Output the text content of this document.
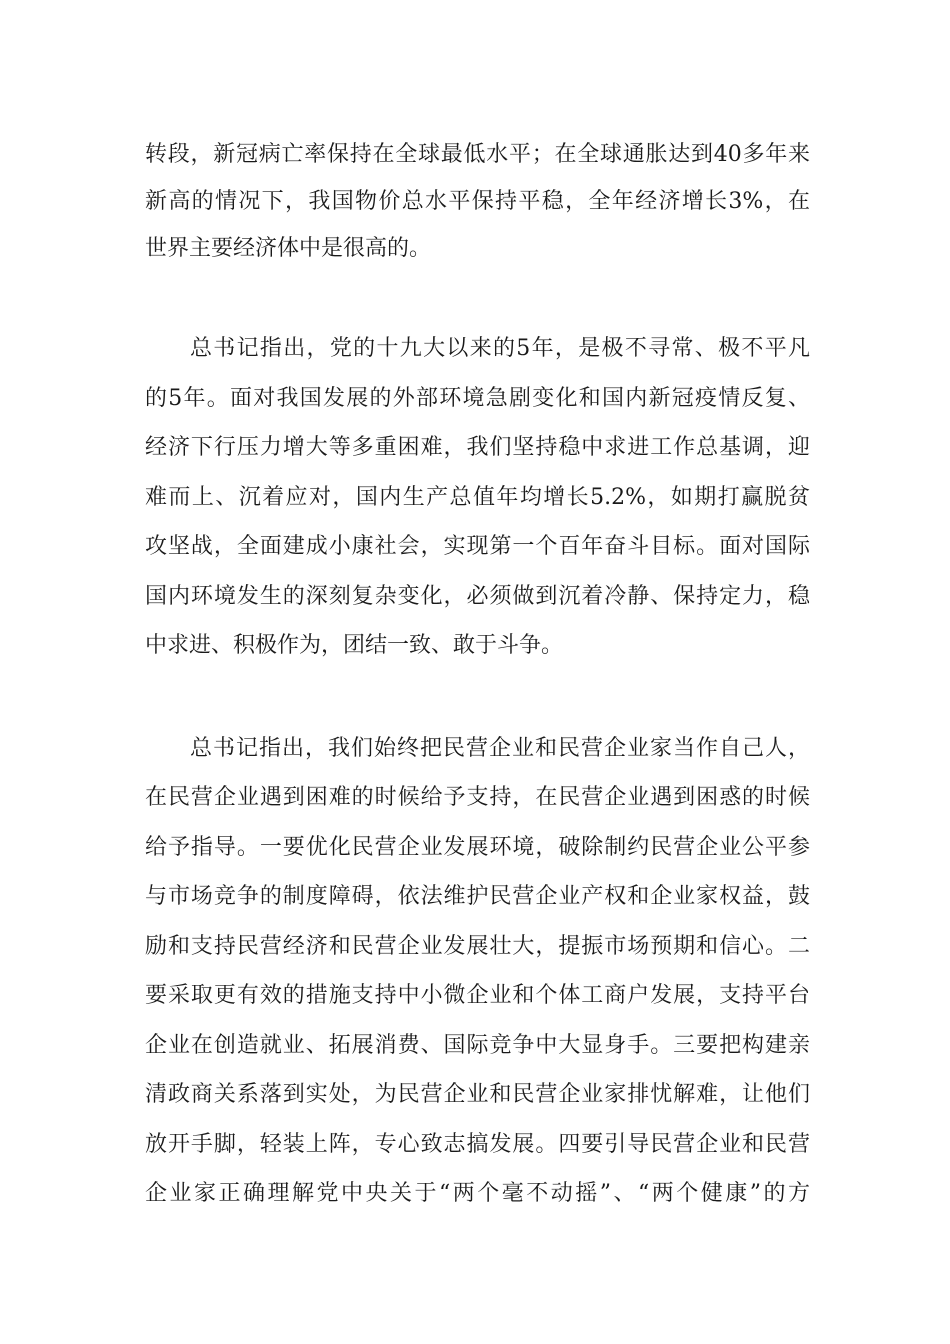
转段，新冠病亡率保持在全球最低水平；在全球通胀达到40多年来
新高的情况下，我国物价总水平保持平稳，全年经济增长3%，在
世界主要经济体中是很高的。
总书记指出，党的十九大以来的5年，是极不寻常、极不平凡
的5年。面对我国发展的外部环境急剧变化和国内新冠疫情反复、
经济下行压力增大等多重困难，我们坚持稳中求进工作总基调，迎
难而上、沉着应对，国内生产总值年均增长5.2%，如期打赢脱贫
攻坚战，全面建成小康社会，实现第一个百年奋斗目标。面对国际
国内环境发生的深刻复杂变化，必须做到沉着冷静、保持定力，稳
中求进、积极作为，团结一致、敢于斗争。
总书记指出，我们始终把民营企业和民营企业家当作自己人，
在民营企业遇到困难的时候给予支持，在民营企业遇到困惑的时候
给予指导。一要优化民营企业发展环境，破除制约民营企业公平参
与市场竞争的制度障碍，依法维护民营企业产权和企业家权益，鼓
励和支持民营经济和民营企业发展壮大，提振市场预期和信心。二
要采取更有效的措施支持中小微企业和个体工商户发展，支持平台
企业在创造就业、拓展消费、国际竞争中大显身手。三要把构建亲
清政商关系落到实处，为民营企业和民营企业家排忧解难，让他们
放开手脚，轻装上阵，专心致志搞发展。四要引导民营企业和民营
企业家正确理解党中央关于“两个毫不动摇”、“两个健康”的方
